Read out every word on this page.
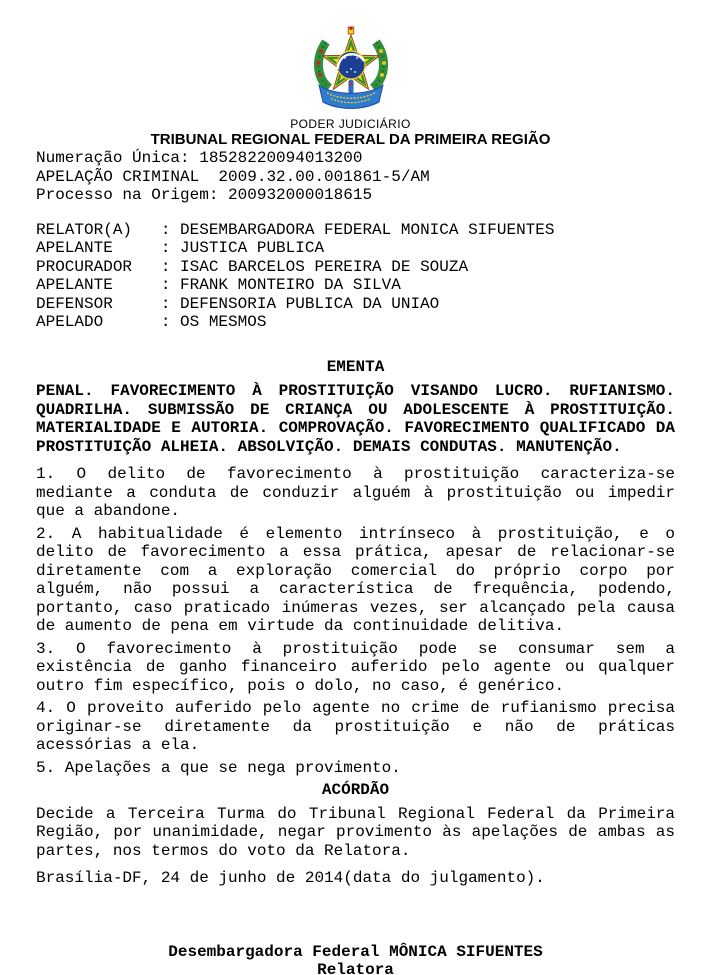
PODER JUDICIÁRIO
TRIBUNAL REGIONAL FEDERAL DA PRIMEIRA REGIÃO
Numeração Única: 18528220094013200
APELAÇÃO CRIMINAL  2009.32.00.001861-5/AM
Processo na Origem: 200932000018615
RELATOR(A)   : DESEMBARGADORA FEDERAL MONICA SIFUENTES
APELANTE     : JUSTICA PUBLICA
PROCURADOR   : ISAC BARCELOS PEREIRA DE SOUZA
APELANTE     : FRANK MONTEIRO DA SILVA
DEFENSOR     : DEFENSORIA PUBLICA DA UNIAO
APELADO      : OS MESMOS
EMENTA
PENAL. FAVORECIMENTO À PROSTITUIÇÃO VISANDO LUCRO. RUFIANISMO.
QUADRILHA. SUBMISSÃO DE CRIANÇA OU ADOLESCENTE À PROSTITUIÇÃO.
MATERIALIDADE E AUTORIA. COMPROVAÇÃO. FAVORECIMENTO QUALIFICADO DA
PROSTITUIÇÃO ALHEIA. ABSOLVIÇÃO. DEMAIS CONDUTAS. MANUTENÇÃO.
1. O delito de favorecimento à prostituição caracteriza-se
mediante a conduta de conduzir alguém à prostituição ou impedir
que a abandone.
2. A habitualidade é elemento intrínseco à prostituição, e o
delito de favorecimento a essa prática, apesar de relacionar-se
diretamente com a exploração comercial do próprio corpo por
alguém, não possui a característica de frequência, podendo,
portanto, caso praticado inúmeras vezes, ser alcançado pela causa
de aumento de pena em virtude da continuidade delitiva.
3. O favorecimento à prostituição pode se consumar sem a
existência de ganho financeiro auferido pelo agente ou qualquer
outro fim específico, pois o dolo, no caso, é genérico.
4. O proveito auferido pelo agente no crime de rufianismo precisa
originar-se diretamente da prostituição e não de práticas
acessórias a ela.
5. Apelações a que se nega provimento.
ACÓRDÃO
Decide a Terceira Turma do Tribunal Regional Federal da Primeira
Região, por unanimidade, negar provimento às apelações de ambas as
partes, nos termos do voto da Relatora.
Brasília-DF, 24 de junho de 2014(data do julgamento).
Desembargadora Federal MÔNICA SIFUENTES
Relatora
